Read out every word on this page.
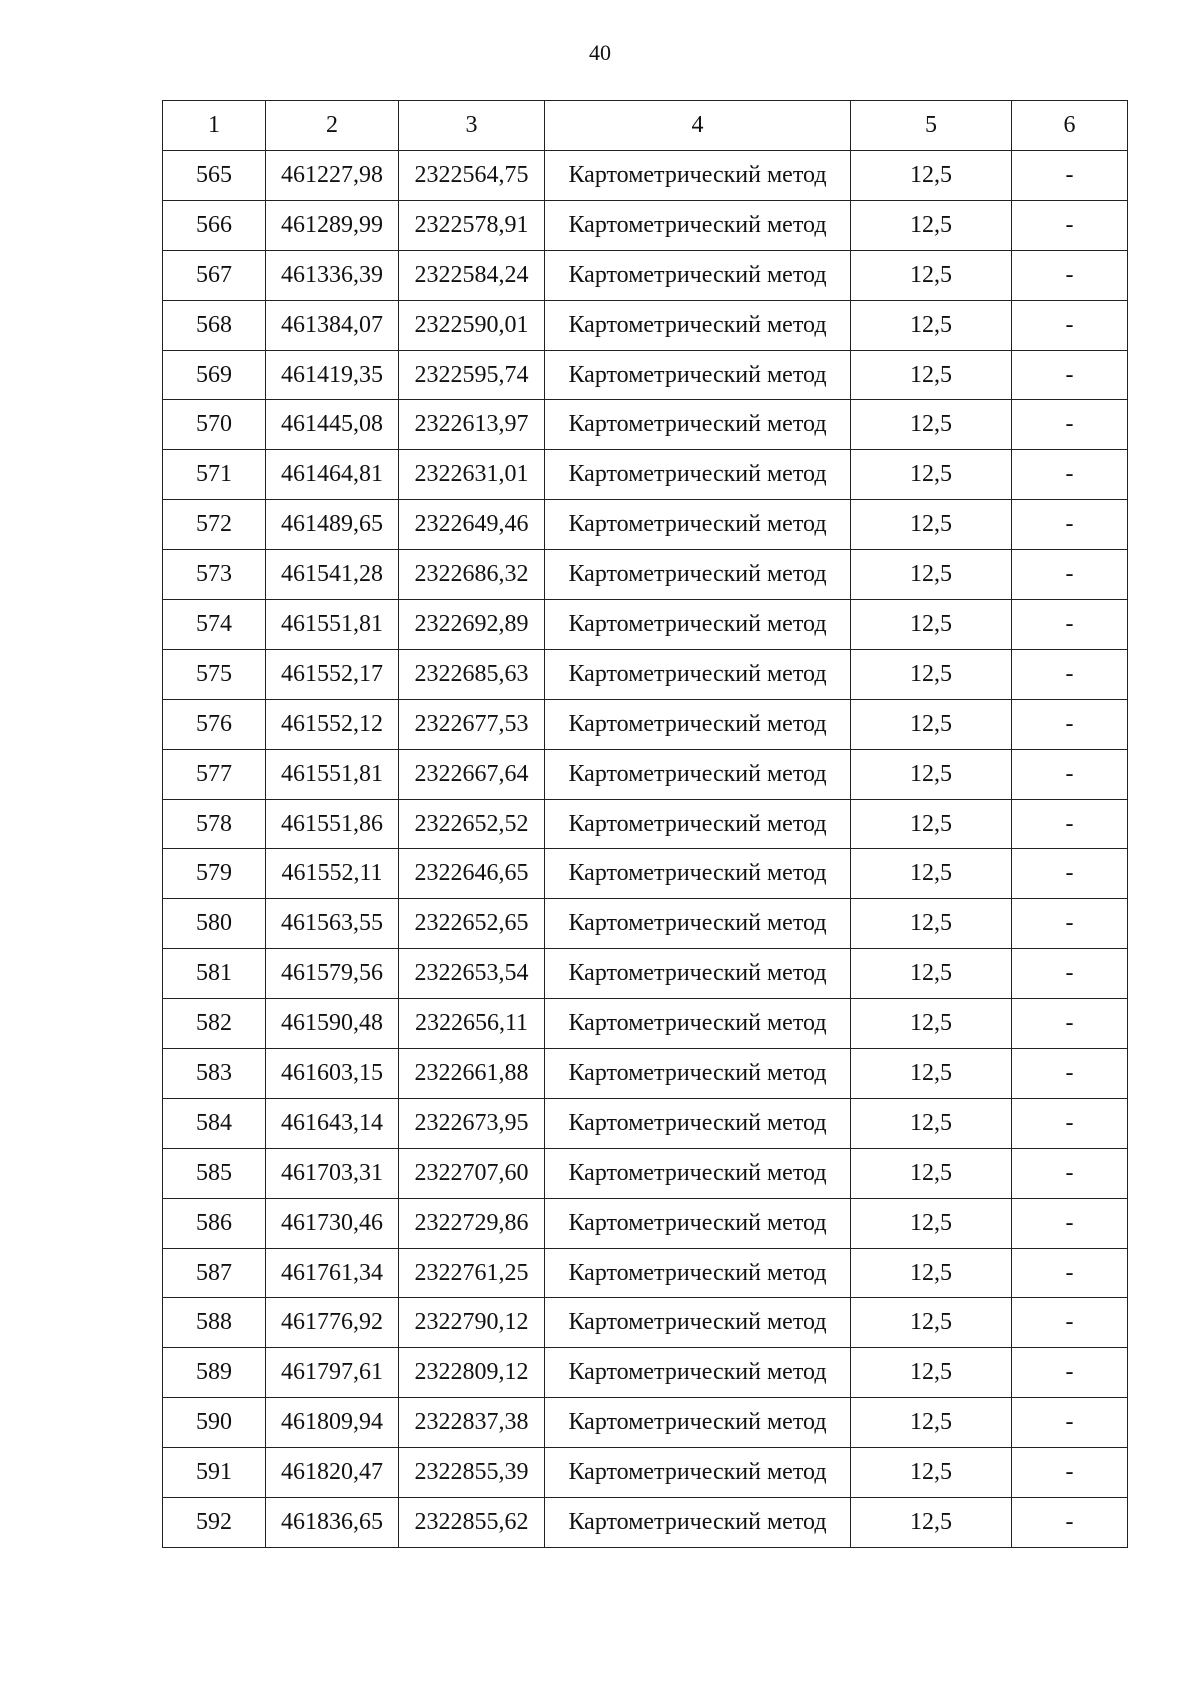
40
1	2	3	4	5	6
565	461227,98	2322564,75	Картометрический метод	12,5	-
566	461289,99	2322578,91	Картометрический метод	12,5	-
567	461336,39	2322584,24	Картометрический метод	12,5	-
568	461384,07	2322590,01	Картометрический метод	12,5	-
569	461419,35	2322595,74	Картометрический метод	12,5	-
570	461445,08	2322613,97	Картометрический метод	12,5	-
571	461464,81	2322631,01	Картометрический метод	12,5	-
572	461489,65	2322649,46	Картометрический метод	12,5	-
573	461541,28	2322686,32	Картометрический метод	12,5	-
574	461551,81	2322692,89	Картометрический метод	12,5	-
575	461552,17	2322685,63	Картометрический метод	12,5	-
576	461552,12	2322677,53	Картометрический метод	12,5	-
577	461551,81	2322667,64	Картометрический метод	12,5	-
578	461551,86	2322652,52	Картометрический метод	12,5	-
579	461552,11	2322646,65	Картометрический метод	12,5	-
580	461563,55	2322652,65	Картометрический метод	12,5	-
581	461579,56	2322653,54	Картометрический метод	12,5	-
582	461590,48	2322656,11	Картометрический метод	12,5	-
583	461603,15	2322661,88	Картометрический метод	12,5	-
584	461643,14	2322673,95	Картометрический метод	12,5	-
585	461703,31	2322707,60	Картометрический метод	12,5	-
586	461730,46	2322729,86	Картометрический метод	12,5	-
587	461761,34	2322761,25	Картометрический метод	12,5	-
588	461776,92	2322790,12	Картометрический метод	12,5	-
589	461797,61	2322809,12	Картометрический метод	12,5	-
590	461809,94	2322837,38	Картометрический метод	12,5	-
591	461820,47	2322855,39	Картометрический метод	12,5	-
592	461836,65	2322855,62	Картометрический метод	12,5	-
